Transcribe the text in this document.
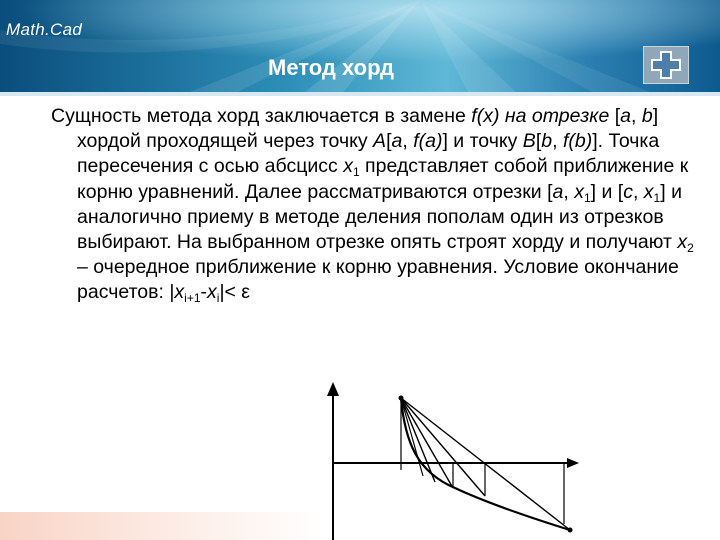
Math.Cad
Метод хорд
Сущность метода хорд заключается в замене f(x) на отрезке [a, b] хордой проходящей через точку A[a, f(a)] и точку B[b, f(b)]. Точка пересечения с осью абсцисс $x_1$ представляет собой приближение к корню уравнений. Далее рассматриваются отрезки [a, $x_1$] и [c, $x_1$] и аналогично приему в методе деления пополам один из отрезков выбирают. На выбранном отрезке опять строят хорду и получают $x_2$ – очередное приближение к корню уравнения. Условие окончание расчетов: $|x_{i+1}-x_i|< \varepsilon$
